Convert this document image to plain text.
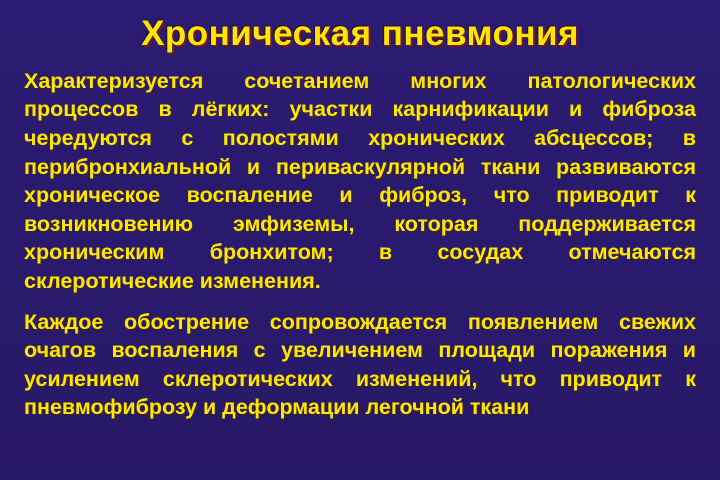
Хроническая пневмония

Характеризуется сочетанием многих патологических процессов в лёгких: участки карнификации и фиброза чередуются с полостями хронических абсцессов; в перибронхиальной и периваскулярной ткани развиваются хроническое воспаление и фиброз, что приводит к возникновению эмфиземы, которая поддерживается хроническим бронхитом; в сосудах отмечаются склеротические изменения.

Каждое обострение сопровождается появлением свежих очагов воспаления с увеличением площади поражения и усилением склеротических изменений, что приводит к пневмофиброзу и деформации легочной ткани
